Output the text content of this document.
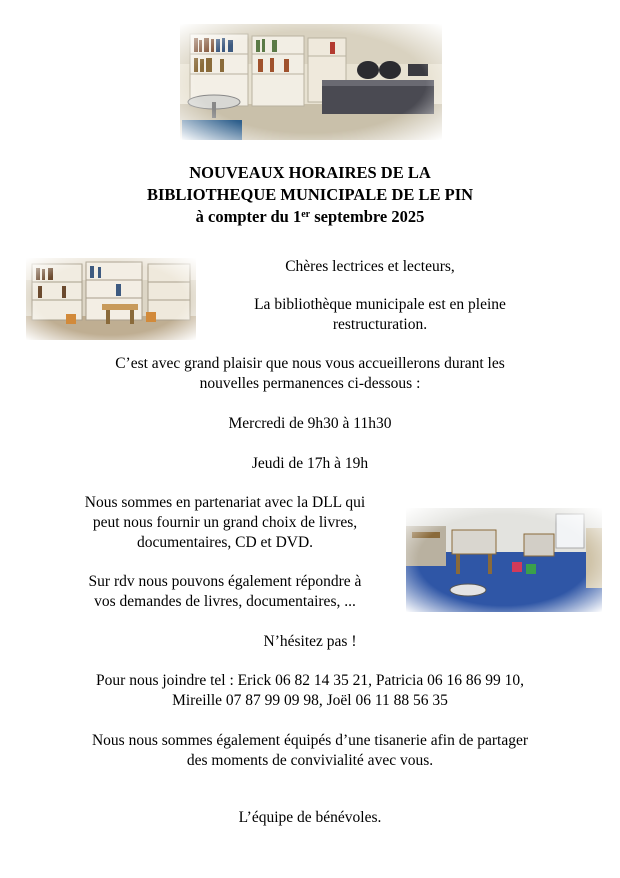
NOUVEAUX HORAIRES DE LA
BIBLIOTHEQUE MUNICIPALE DE LE PIN
à compter du 1er septembre 2025
Chères lectrices et lecteurs,
La bibliothèque municipale est en pleine
restructuration.
C’est avec grand plaisir que nous vous accueillerons durant les
nouvelles permanences ci-dessous :
Mercredi de 9h30 à 11h30
Jeudi de 17h à 19h
Nous sommes en partenariat avec la DLL qui
peut nous fournir un grand choix de livres,
documentaires, CD et DVD.
Sur rdv nous pouvons également répondre à
vos demandes de livres, documentaires, ...
N’hésitez pas !
Pour nous joindre tel : Erick 06 82 14 35 21, Patricia 06 16 86 99 10,
Mireille 07 87 99 09 98, Joël 06 11 88 56 35
Nous nous sommes également équipés d’une tisanerie afin de partager
des moments de convivialité avec vous.
L’équipe de bénévoles.
